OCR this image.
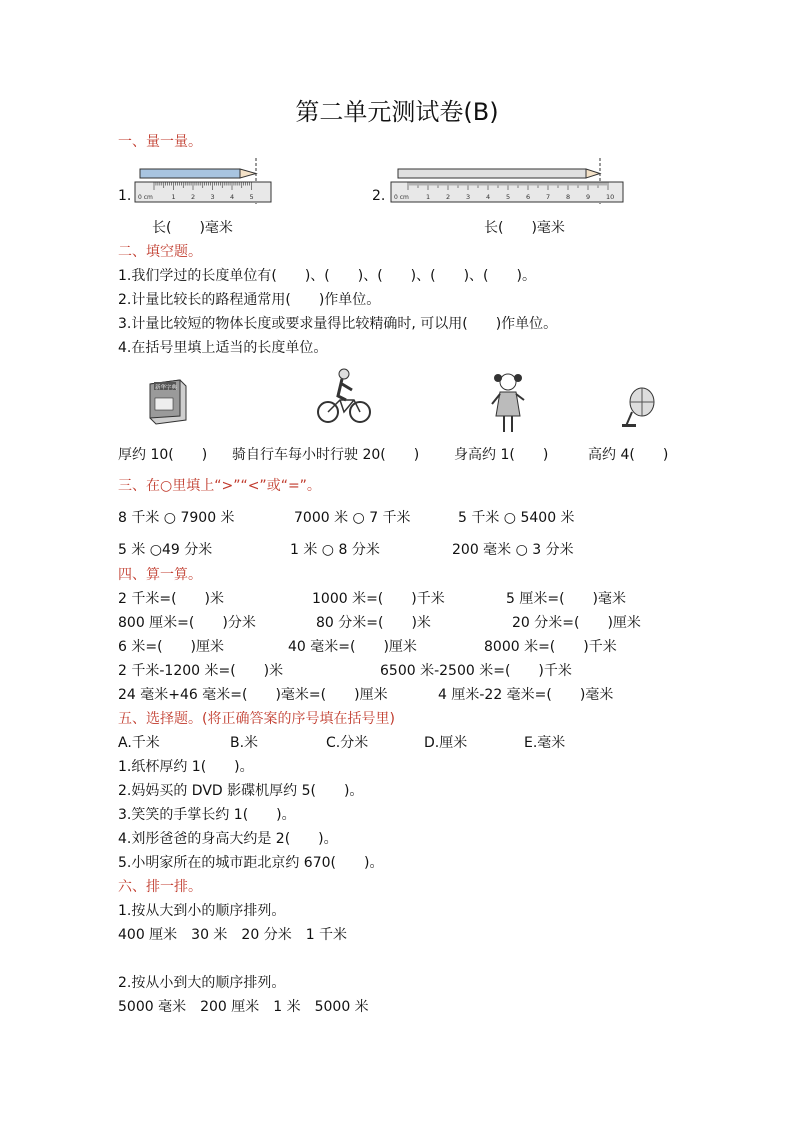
第二单元测试卷(B)
一、量一量。
1. 0 cm	1 2 3 4 5
长(　　)毫米
2. 0 cm	1 2 3 4 5 6 7 8 9 10
长(　　)毫米
二、填空题。
1.我们学过的长度单位有(　　)、(　　)、(　　)、(　　)、(　　)。
2.计量比较长的路程通常用(　　)作单位。
3.计量比较短的物体长度或要求量得比较精确时, 可以用(　　)作单位。
4.在括号里填上适当的长度单位。
新华字典
厚约 10(　　) 骑自行车每小时行驶 20(　　) 身高约 1(　　)	高约 4(　　)
三、在○里填上“>”“<”或“=”。
8 千米 ○ 7900 米	7000 米 ○ 7 千米	5 千米 ○ 5400 米
5 米 ○49 分米	1 米 ○ 8 分米	200 毫米 ○ 3 分米
四、算一算。
2 千米=(　　)米	1000 米=(　　)千米	5 厘米=(　　)毫米
800 厘米=(　　)分米	80 分米=(　　)米	20 分米=(　　)厘米
6 米=(　　)厘米	40 毫米=(　　)厘米	8000 米=(　　)千米
2 千米-1200 米=(　　)米	6500 米-2500 米=(　　)千米
24 毫米+46 毫米=(　　)毫米=(　　)厘米	4 厘米-22 毫米=(　　)毫米
五、选择题。(将正确答案的序号填在括号里)
A.千米	B.米	C.分米	D.厘米	E.毫米
1.纸杯厚约 1(　　)。
2.妈妈买的 DVD 影碟机厚约 5(　　)。
3.笑笑的手掌长约 1(　　)。
4.刘彤爸爸的身高大约是 2(　　)。
5.小明家所在的城市距北京约 670(　　)。
六、排一排。
1.按从大到小的顺序排列。
400 厘米　30 米　20 分米　1 千米
2.按从小到大的顺序排列。
5000 毫米　200 厘米　1 米　5000 米
